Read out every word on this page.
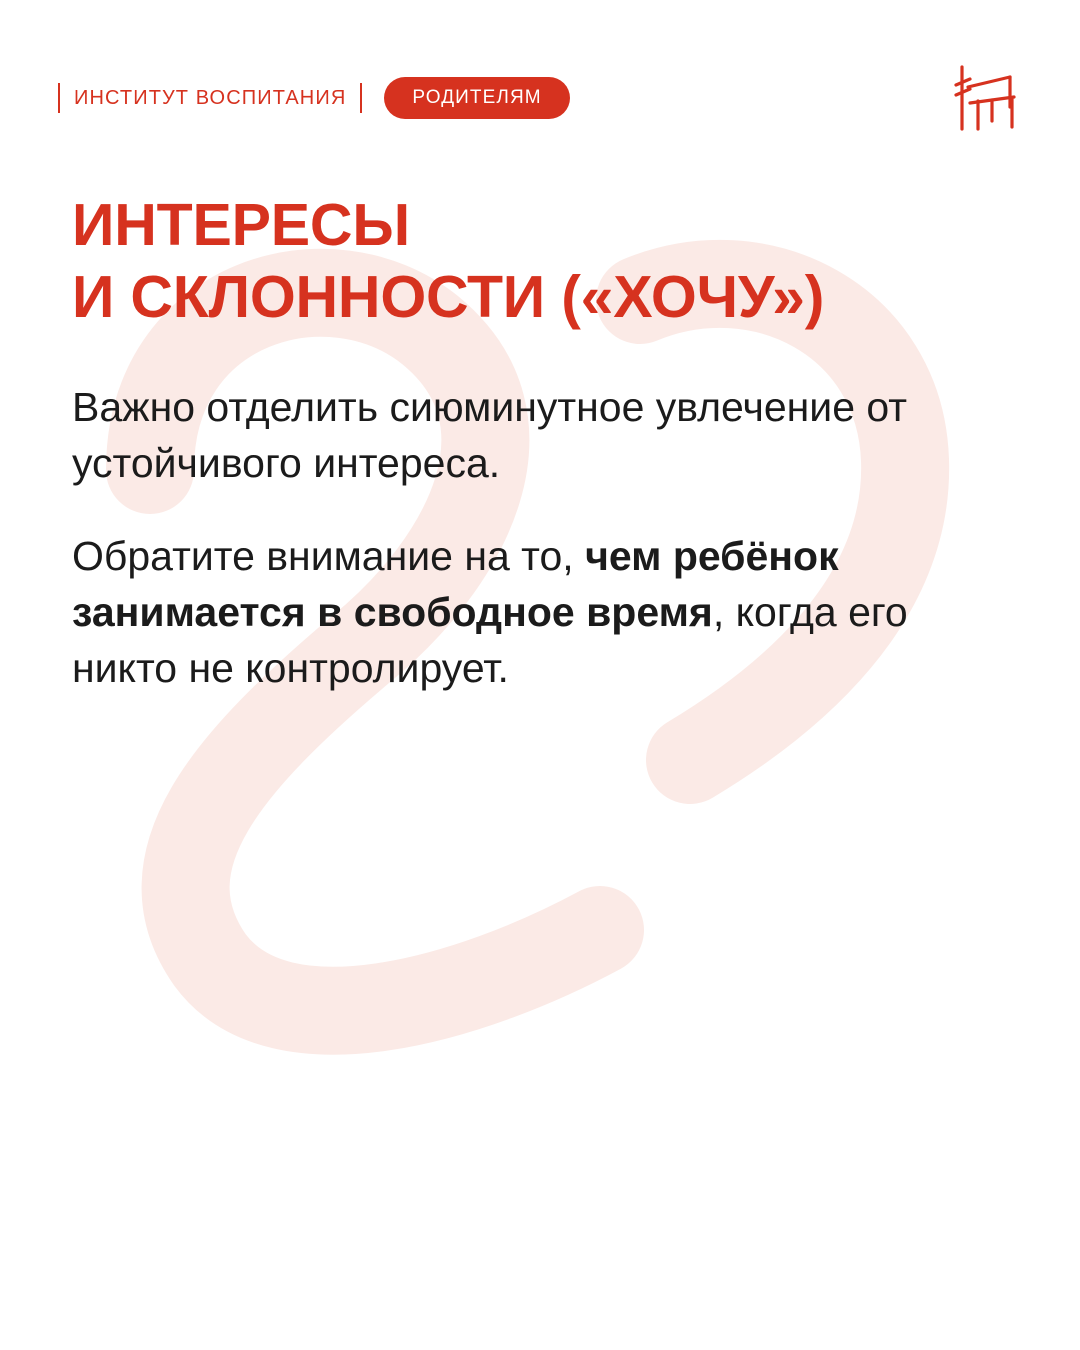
ИНСТИТУТ ВОСПИТАНИЯ	РОДИТЕЛЯМ
ИНТЕРЕСЫ
И СКЛОННОСТИ («ХОЧУ»)

Важно отделить сиюминутное увлечение от устойчивого интереса.

Обратите внимание на то, чем ребёнок занимается в свободное время, когда его никто не контролирует.
